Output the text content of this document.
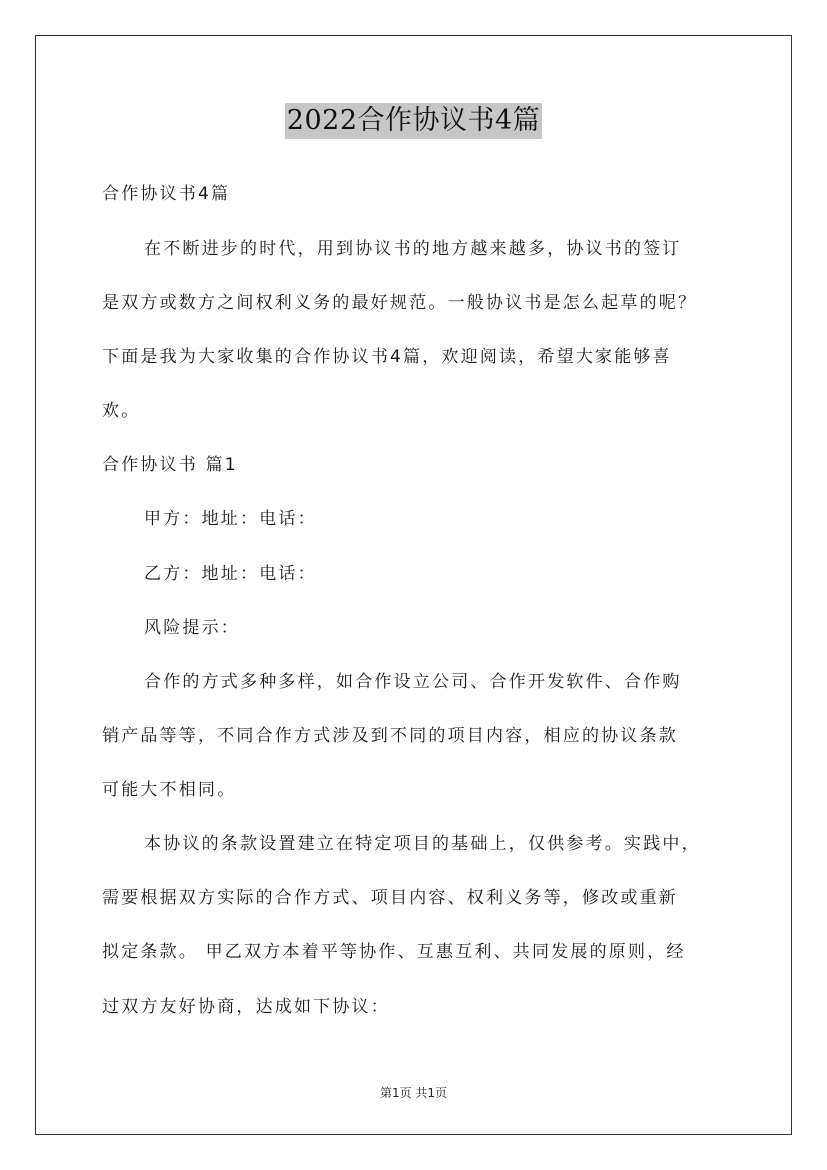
2022合作协议书4篇
合作协议书4篇
在不断进步的时代，用到协议书的地方越来越多，协议书的签订
是双方或数方之间权利义务的最好规范。一般协议书是怎么起草的呢？
下面是我为大家收集的合作协议书4篇，欢迎阅读，希望大家能够喜
欢。
合作协议书 篇1
甲方：地址：电话：
乙方：地址：电话：
风险提示：
合作的方式多种多样，如合作设立公司、合作开发软件、合作购
销产品等等，不同合作方式涉及到不同的项目内容，相应的协议条款
可能大不相同。
本协议的条款设置建立在特定项目的基础上，仅供参考。实践中，
需要根据双方实际的合作方式、项目内容、权利义务等，修改或重新
拟定条款。 甲乙双方本着平等协作、互惠互利、共同发展的原则，经
过双方友好协商，达成如下协议：
第1页 共1页
